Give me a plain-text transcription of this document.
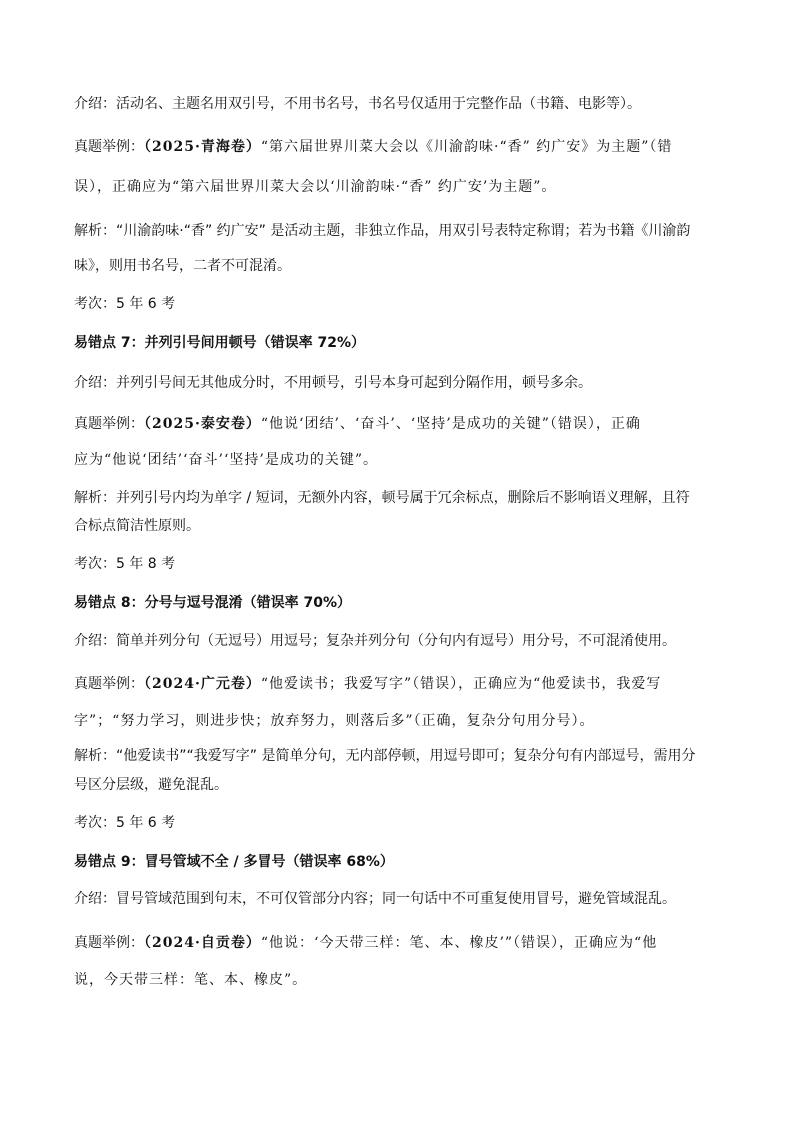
介绍：活动名、主题名用双引号，不用书名号，书名号仅适用于完整作品（书籍、电影等）。
真题举例：（2025·青海卷）“第六届世界川菜大会以《川渝韵味·“香” 约广安》为主题”（错
误），正确应为“第六届世界川菜大会以‘川渝韵味·“香” 约广安’为主题”。
解析：“川渝韵味·“香” 约广安” 是活动主题，非独立作品，用双引号表特定称谓；若为书籍《川渝韵
味》，则用书名号，二者不可混淆。
考次：5 年 6 考
易错点 7：并列引号间用顿号（错误率 72%）
介绍：并列引号间无其他成分时，不用顿号，引号本身可起到分隔作用，顿号多余。
真题举例：（2025·泰安卷）“他说‘团结’、‘奋斗’、‘坚持’是成功的关键”（错误），正确
应为“他说‘团结’‘奋斗’‘坚持’是成功的关键”。
解析：并列引号内均为单字 / 短词，无额外内容，顿号属于冗余标点，删除后不影响语义理解，且符
合标点简洁性原则。
考次：5 年 8 考
易错点 8：分号与逗号混淆（错误率 70%）
介绍：简单并列分句（无逗号）用逗号；复杂并列分句（分句内有逗号）用分号，不可混淆使用。
真题举例：（2024·广元卷）“他爱读书；我爱写字”（错误），正确应为“他爱读书，我爱写
字”；“努力学习，则进步快；放弃努力，则落后多”（正确，复杂分句用分号）。
解析：“他爱读书”“我爱写字” 是简单分句，无内部停顿，用逗号即可；复杂分句有内部逗号，需用分
号区分层级，避免混乱。
考次：5 年 6 考
易错点 9：冒号管域不全 / 多冒号（错误率 68%）
介绍：冒号管域范围到句末，不可仅管部分内容；同一句话中不可重复使用冒号，避免管域混乱。
真题举例：（2024·自贡卷）“他说：‘今天带三样：笔、本、橡皮’”（错误），正确应为“他
说，今天带三样：笔、本、橡皮”。
